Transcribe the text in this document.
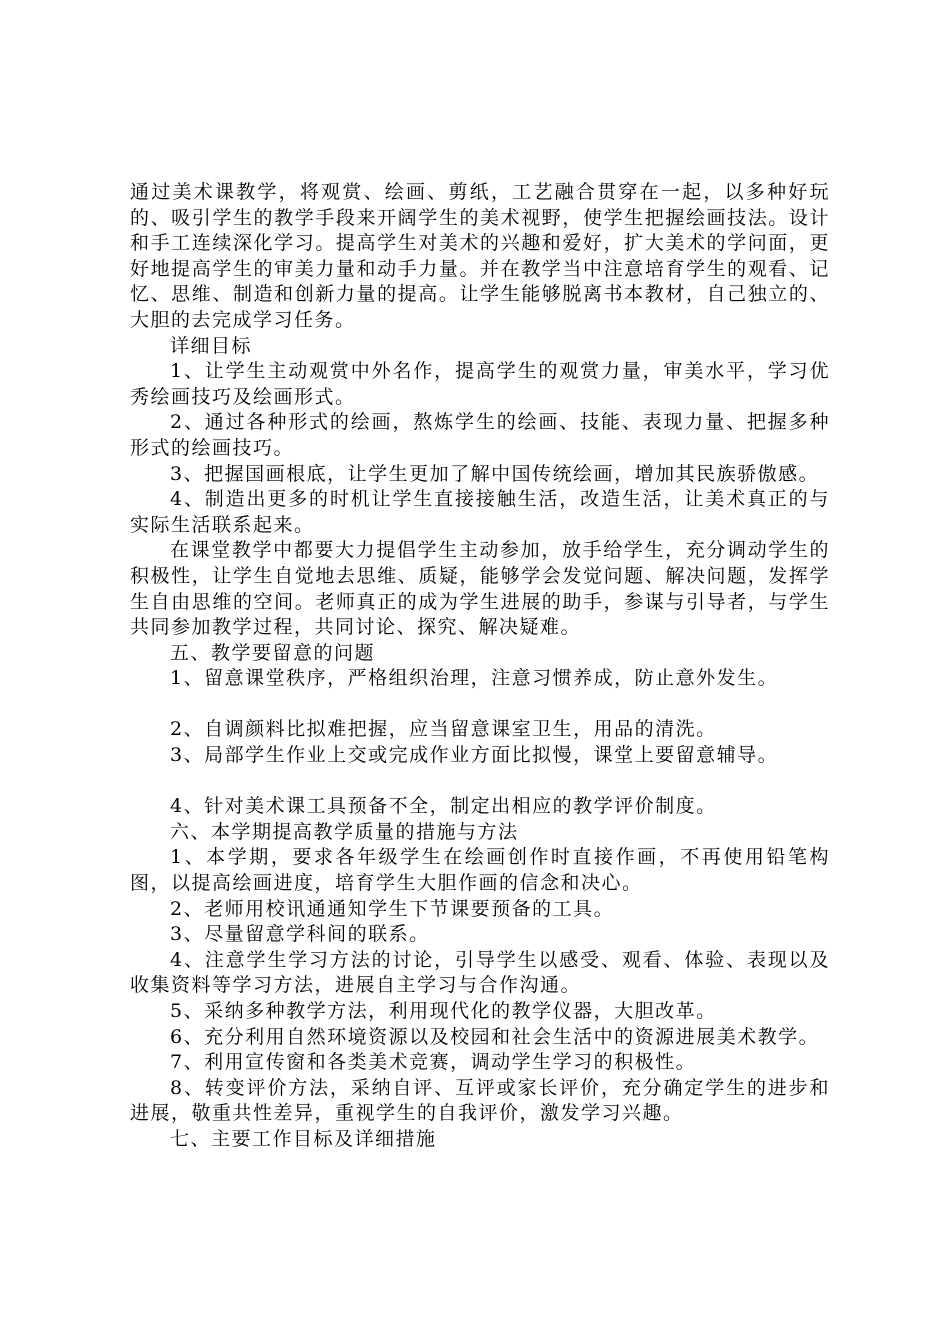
通过美术课教学，将观赏、绘画、剪纸，工艺融合贯穿在一起，以多种好玩的、吸引学生的教学手段来开阔学生的美术视野，使学生把握绘画技法。设计和手工连续深化学习。提高学生对美术的兴趣和爱好，扩大美术的学问面，更好地提高学生的审美力量和动手力量。并在教学当中注意培育学生的观看、记忆、思维、制造和创新力量的提高。让学生能够脱离书本教材，自己独立的、大胆的去完成学习任务。

详细目标

1、让学生主动观赏中外名作，提高学生的观赏力量，审美水平，学习优秀绘画技巧及绘画形式。

2、通过各种形式的绘画，熬炼学生的绘画、技能、表现力量、把握多种形式的绘画技巧。

3、把握国画根底，让学生更加了解中国传统绘画，增加其民族骄傲感。

4、制造出更多的时机让学生直接接触生活，改造生活，让美术真正的与实际生活联系起来。

在课堂教学中都要大力提倡学生主动参加，放手给学生，充分调动学生的积极性，让学生自觉地去思维、质疑，能够学会发觉问题、解决问题，发挥学生自由思维的空间。老师真正的成为学生进展的助手，参谋与引导者，与学生共同参加教学过程，共同讨论、探究、解决疑难。

五、教学要留意的问题

1、留意课堂秩序，严格组织治理，注意习惯养成，防止意外发生。

2、自调颜料比拟难把握，应当留意课室卫生，用品的清洗。

3、局部学生作业上交或完成作业方面比拟慢，课堂上要留意辅导。

4、针对美术课工具预备不全，制定出相应的教学评价制度。

六、本学期提高教学质量的措施与方法

1、本学期，要求各年级学生在绘画创作时直接作画，不再使用铅笔构图，以提高绘画进度，培育学生大胆作画的信念和决心。

2、老师用校讯通通知学生下节课要预备的工具。

3、尽量留意学科间的联系。

4、注意学生学习方法的讨论，引导学生以感受、观看、体验、表现以及收集资料等学习方法，进展自主学习与合作沟通。

5、采纳多种教学方法，利用现代化的教学仪器，大胆改革。

6、充分利用自然环境资源以及校园和社会生活中的资源进展美术教学。

7、利用宣传窗和各类美术竞赛，调动学生学习的积极性。

8、转变评价方法，采纳自评、互评或家长评价，充分确定学生的进步和进展，敬重共性差异，重视学生的自我评价，激发学习兴趣。

七、主要工作目标及详细措施
